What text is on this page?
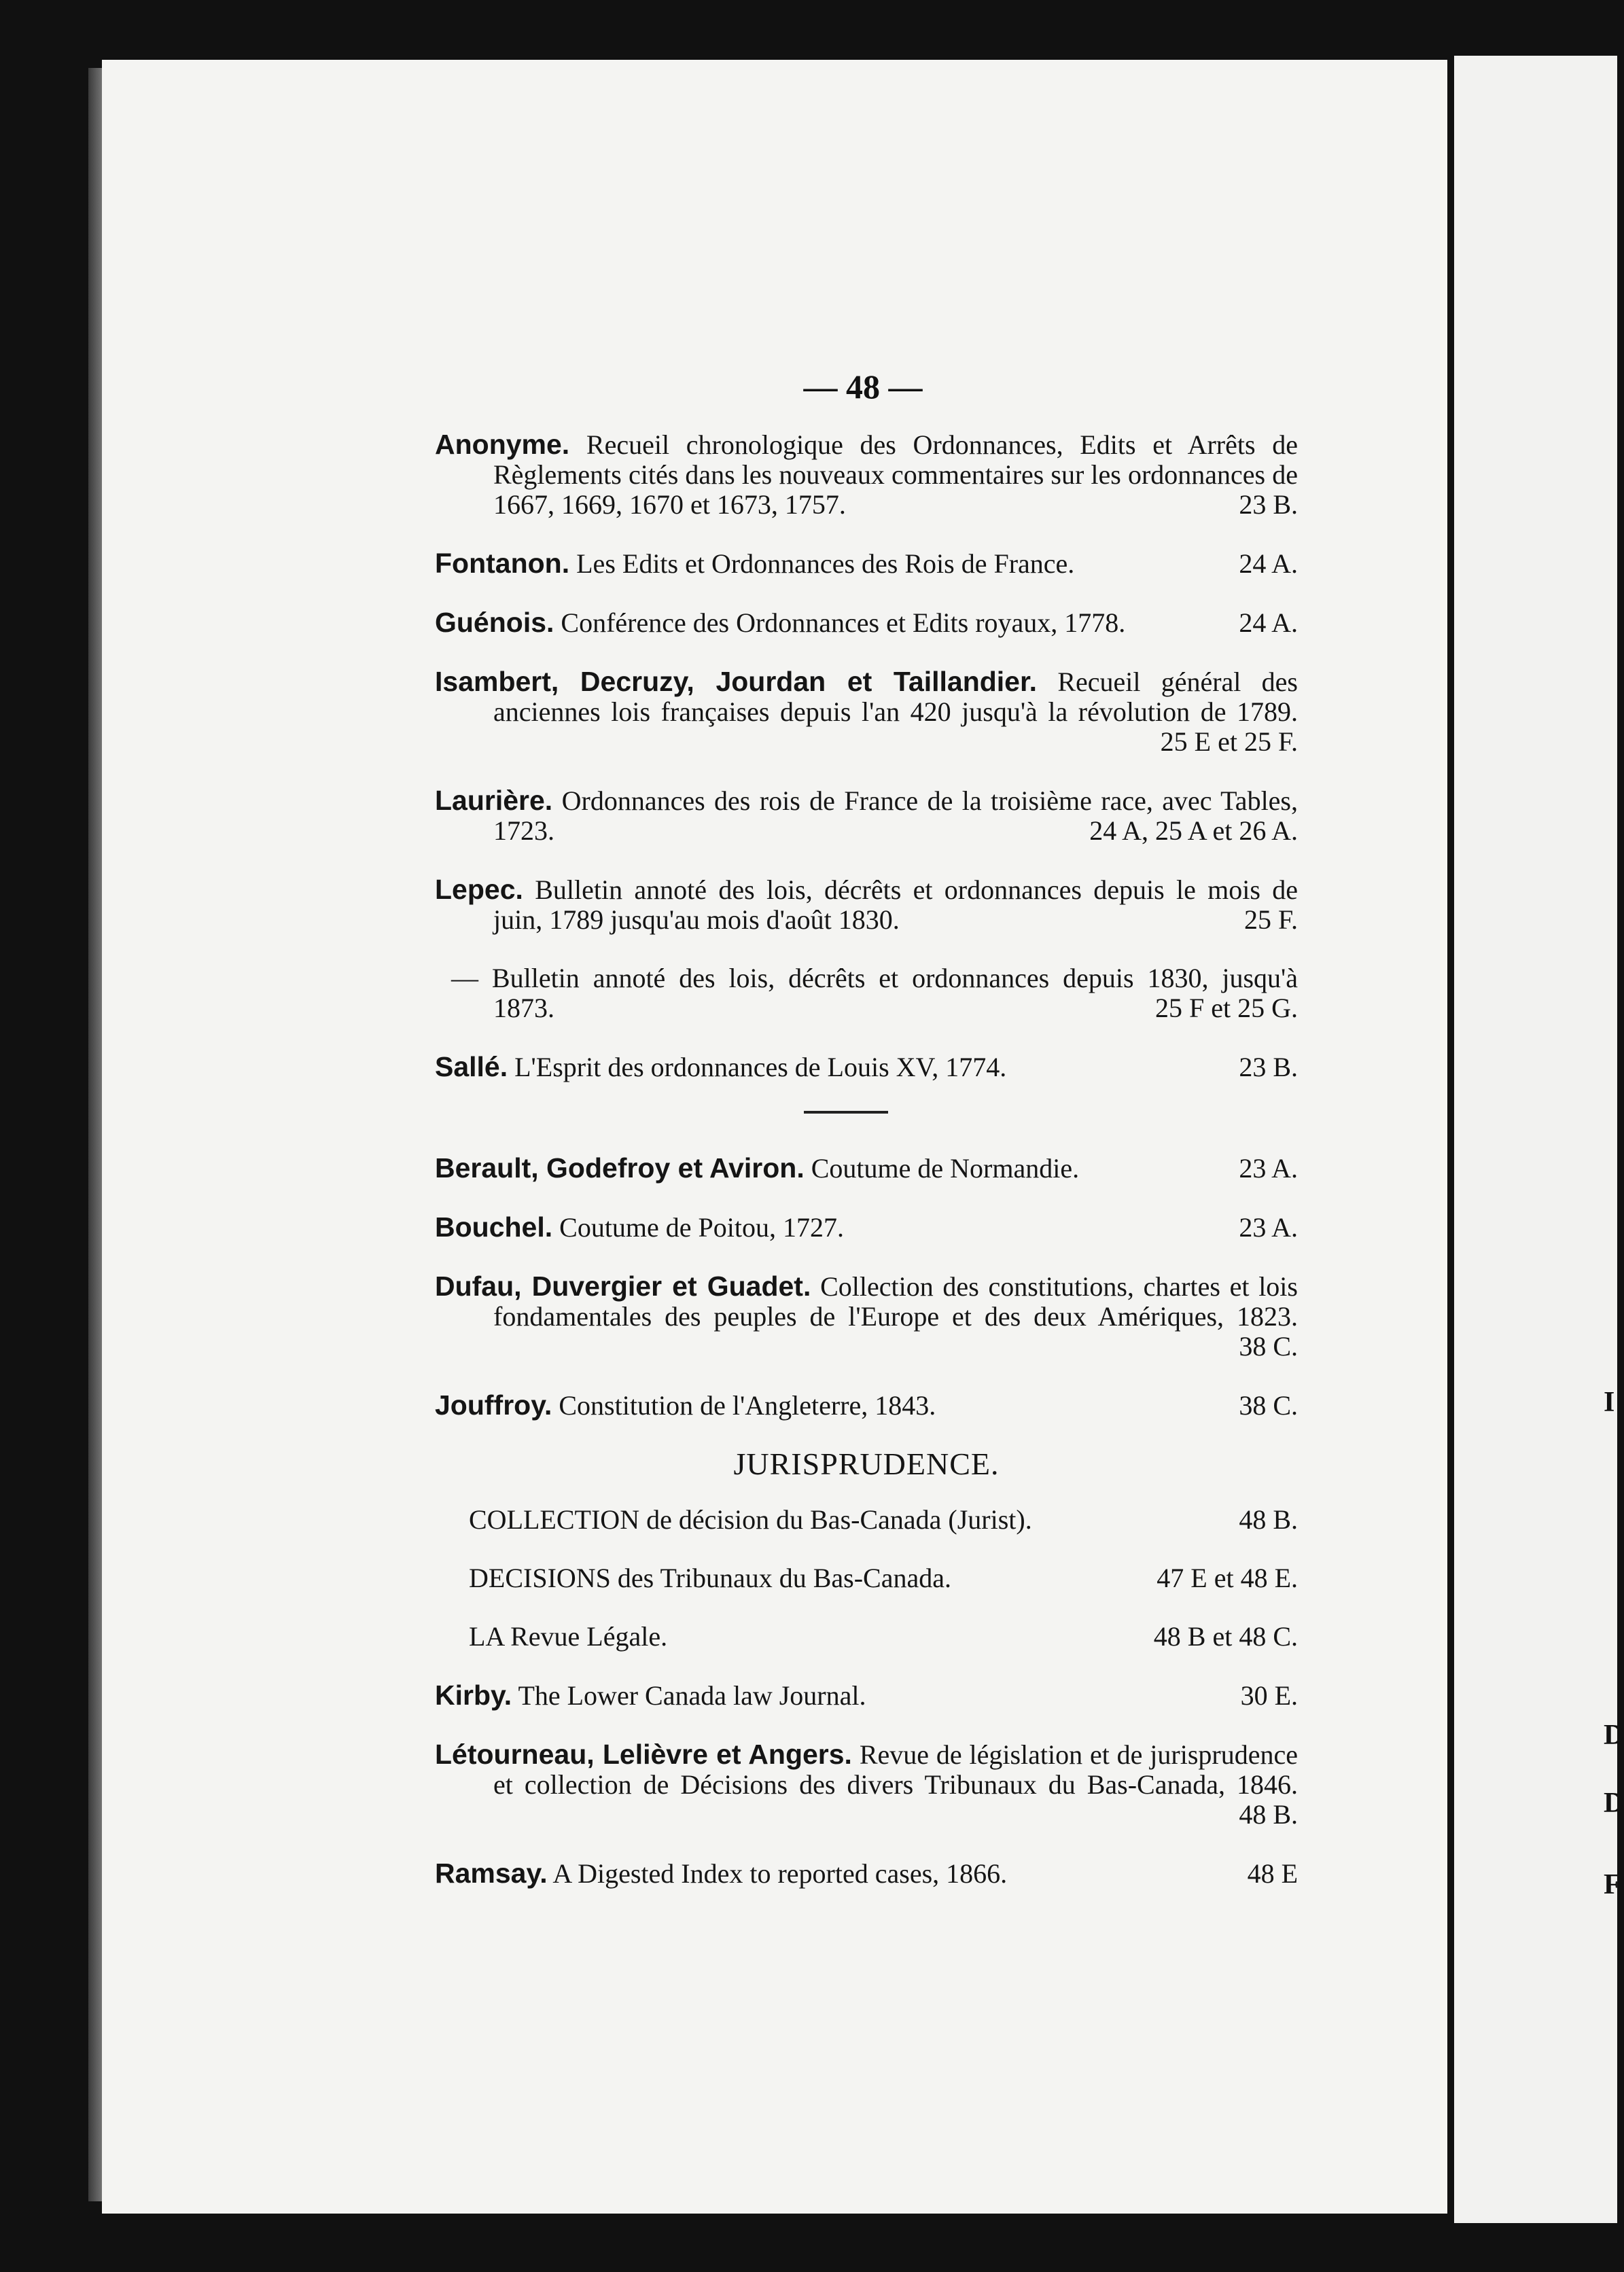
I
D
D
F
— 48 —
Anonyme. Recueil chronologique des Ordonnances, Edits et Arrêts de Règlements cités dans les nouveaux commentaires sur les ordonnances de 1667, 1669, 1670 et 1673, 1757.	23 B.
Fontanon. Les Edits et Ordonnances des Rois de France.	24 A.
Guénois. Conférence des Ordonnances et Edits royaux, 1778.	24 A.
Isambert, Decruzy, Jourdan et Taillandier. Recueil général des anciennes lois françaises depuis l'an 420 jusqu'à la révolution de 1789.
25 E et 25 F.
Laurière. Ordonnances des rois de France de la troisième race, avec Tables, 1723.	24 A, 25 A et 26 A.
Lepec. Bulletin annoté des lois, décrêts et ordonnances depuis le mois de juin, 1789 jusqu'au mois d'août 1830.	25 F.
— Bulletin annoté des lois, décrêts et ordonnances depuis 1830, jusqu'à 1873.	25 F et 25 G.
Sallé. L'Esprit des ordonnances de Louis XV, 1774.	23 B.
Berault, Godefroy et Aviron. Coutume de Normandie.	23 A.
Bouchel. Coutume de Poitou, 1727.	23 A.
Dufau, Duvergier et Guadet. Collection des constitutions, chartes et lois fondamentales des peuples de l'Europe et des deux Amériques, 1823.
38 C.
Jouffroy. Constitution de l'Angleterre, 1843.	38 C.
JURISPRUDENCE.
COLLECTION de décision du Bas-Canada (Jurist).	48 B.
DECISIONS des Tribunaux du Bas-Canada.	47 E et 48 E.
LA Revue Légale.	48 B et 48 C.
Kirby. The Lower Canada law Journal.	30 E.
Létourneau, Lelièvre et Angers. Revue de législation et de jurisprudence et collection de Décisions des divers Tribunaux du Bas-Canada, 1846.
48 B.
Ramsay. A Digested Index to reported cases, 1866.	48 E
